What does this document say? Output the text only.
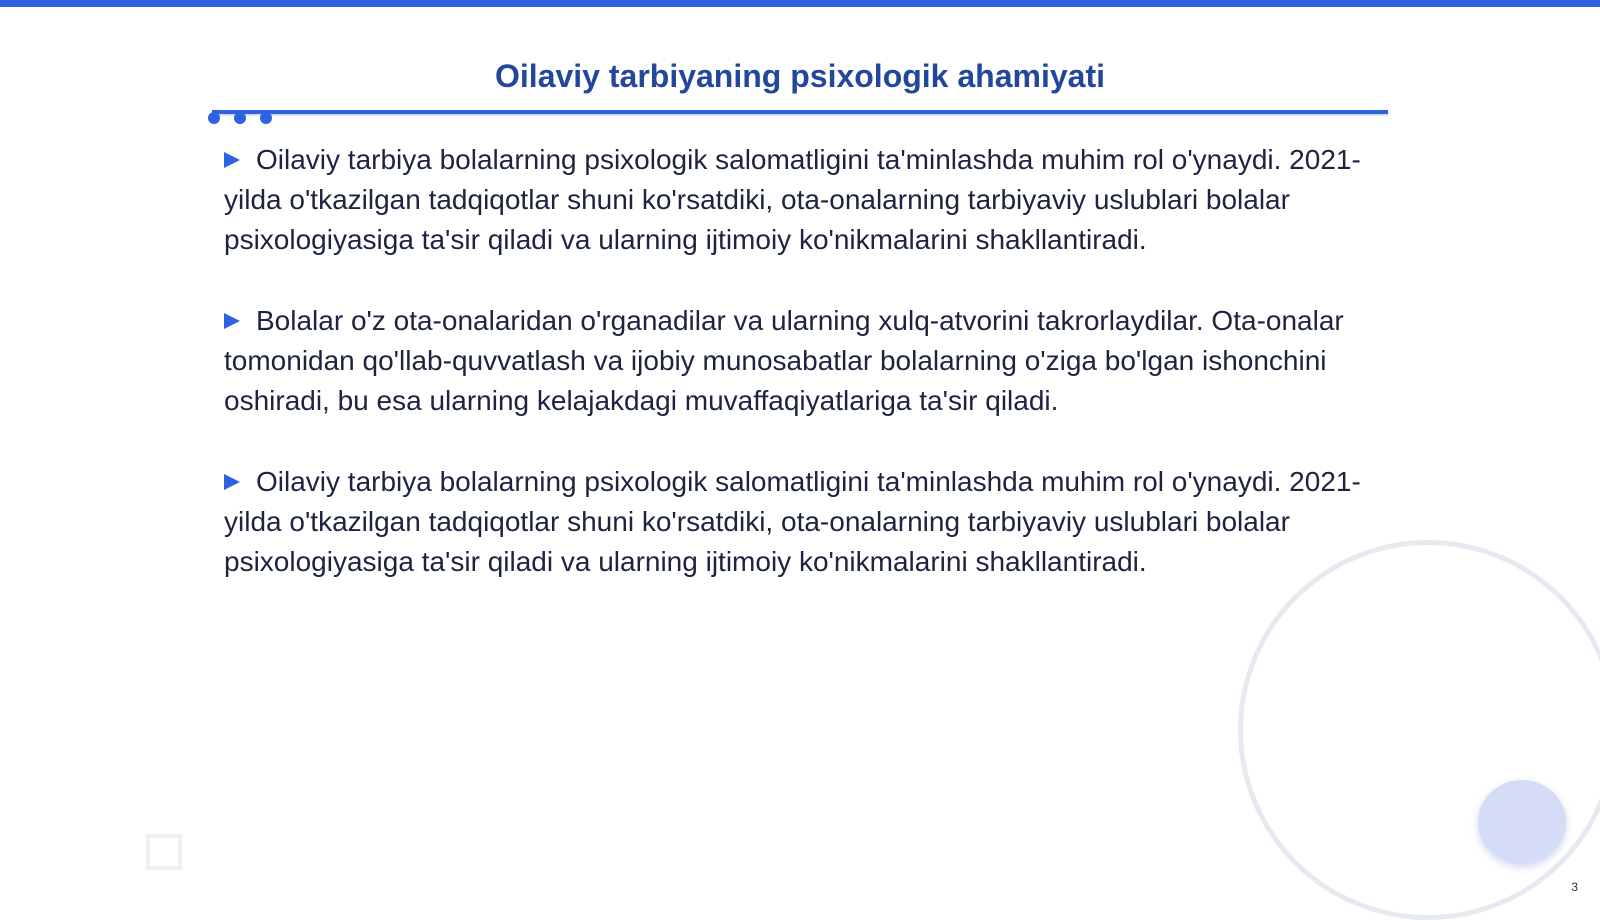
Oilaviy tarbiyaning psixologik ahamiyati

Oilaviy tarbiya bolalarning psixologik salomatligini ta'minlashda muhim rol o'ynaydi. 2021-yilda o'tkazilgan tadqiqotlar shuni ko'rsatdiki, ota-onalarning tarbiyaviy uslublari bolalar psixologiyasiga ta'sir qiladi va ularning ijtimoiy ko'nikmalarini shakllantiradi.

Bolalar o'z ota-onalaridan o'rganadilar va ularning xulq-atvorini takrorlaydilar. Ota-onalar tomonidan qo'llab-quvvatlash va ijobiy munosabatlar bolalarning o'ziga bo'lgan ishonchini oshiradi, bu esa ularning kelajakdagi muvaffaqiyatlariga ta'sir qiladi.

Oilaviy tarbiya bolalarning psixologik salomatligini ta'minlashda muhim rol o'ynaydi. 2021-yilda o'tkazilgan tadqiqotlar shuni ko'rsatdiki, ota-onalarning tarbiyaviy uslublari bolalar psixologiyasiga ta'sir qiladi va ularning ijtimoiy ko'nikmalarini shakllantiradi.

3
